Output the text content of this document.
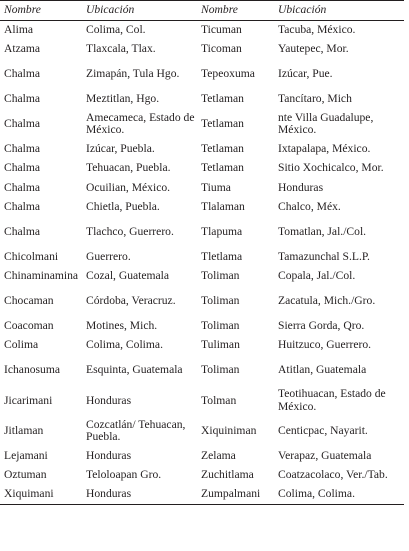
Nombre	Ubicación	Nombre	Ubicación
Alima	Colima, Col.	Ticuman	Tacuba, México.
Atzama	Tlaxcala, Tlax.	Ticoman	Yautepec, Mor.
Chalma	Zimapán, Tula Hgo.	Tepeoxuma	Izúcar, Pue.
Chalma	Meztitlan, Hgo.	Tetlaman	Tancítaro, Mich
Chalma	Amecameca, Estado de México.	Tetlaman	nte Villa Guadalupe, México.
Chalma	Izúcar, Puebla.	Tetlaman	Ixtapalapa, México.
Chalma	Tehuacan, Puebla.	Tetlaman	Sitio Xochicalco, Mor.
Chalma	Ocuilian, México.	Tiuma	Honduras
Chalma	Chietla, Puebla.	Tlalaman	Chalco, Méx.
Chalma	Tlachco, Guerrero.	Tlapuma	Tomatlan, Jal./Col.
Chicolmani	Guerrero.	Tletlama	Tamazunchal S.L.P.
Chinaminamina	Cozal, Guatemala	Toliman	Copala, Jal./Col.
Chocaman	Córdoba, Veracruz.	Toliman	Zacatula, Mich./Gro.
Coacoman	Motines, Mich.	Toliman	Sierra Gorda, Qro.
Colima	Colima, Colima.	Tuliman	Huitzuco, Guerrero.
Ichanosuma	Esquinta, Guatemala	Toliman	Atitlan, Guatemala
Jicarimani	Honduras	Tolman	Teotihuacan, Estado de México.
Jitlaman	Cozcatlán/ Tehuacan, Puebla.	Xiquiniman	Centicpac, Nayarit.
Lejamani	Honduras	Zelama	Verapaz, Guatemala
Oztuman	Teloloapan Gro.	Zuchitlama	Coatzacolaco, Ver./Tab.
Xiquimani	Honduras	Zumpalmani	Colima, Colima.
